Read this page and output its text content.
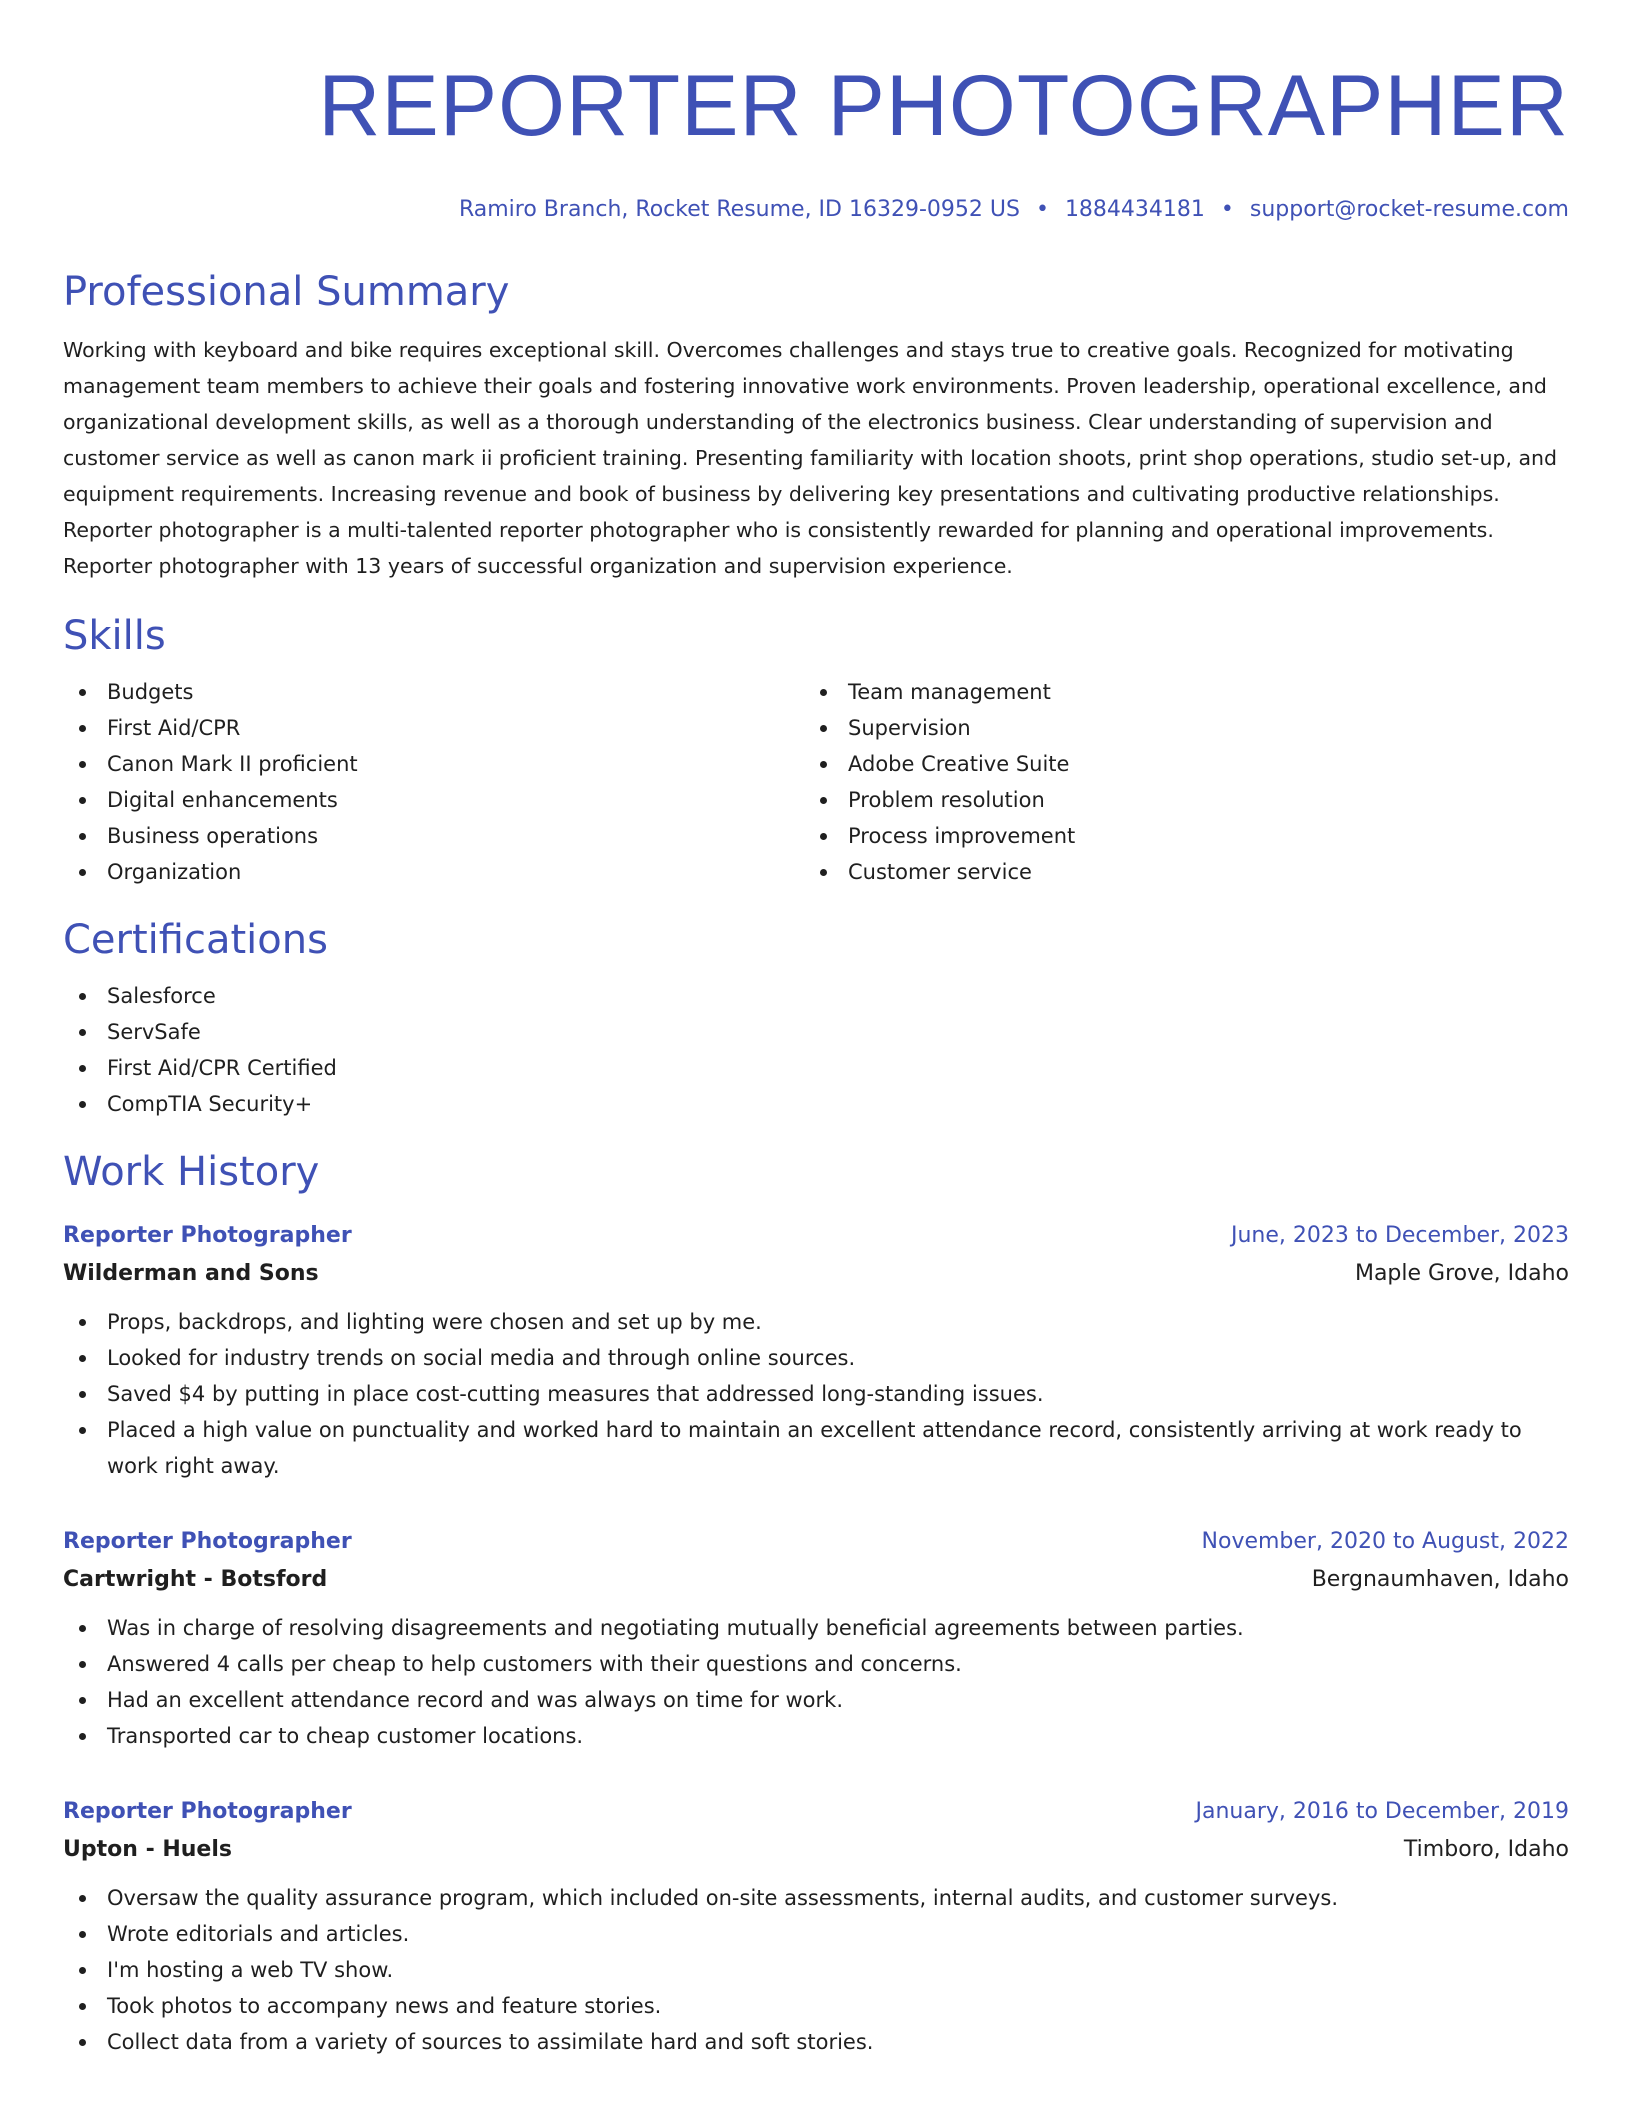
REPORTER PHOTOGRAPHER
Ramiro Branch, Rocket Resume, ID 16329-0952 US • 1884434181 • support@rocket-resume.com
Professional Summary

Working with keyboard and bike requires exceptional skill. Overcomes challenges and stays true to creative goals. Recognized for motivating management team members to achieve their goals and fostering innovative work environments. Proven leadership, operational excellence, and organizational development skills, as well as a thorough understanding of the electronics business. Clear understanding of supervision and customer service as well as canon mark ii proficient training. Presenting familiarity with location shoots, print shop operations, studio set-up, and equipment requirements. Increasing revenue and book of business by delivering key presentations and cultivating productive relationships. Reporter photographer is a multi-talented reporter photographer who is consistently rewarded for planning and operational improvements. Reporter photographer with 13 years of successful organization and supervision experience.

Skills
Budgets
First Aid/CPR
Canon Mark II proficient
Digital enhancements
Business operations
Organization
Team management
Supervision
Adobe Creative Suite
Problem resolution
Process improvement
Customer service
Certifications
Salesforce
ServSafe
First Aid/CPR Certified
CompTIA Security+
Work History
Reporter Photographer	June, 2023 to December, 2023
Wilderman and Sons	Maple Grove, Idaho
Props, backdrops, and lighting were chosen and set up by me.
Looked for industry trends on social media and through online sources.
Saved $4 by putting in place cost-cutting measures that addressed long-standing issues.
Placed a high value on punctuality and worked hard to maintain an excellent attendance record, consistently arriving at work ready to work right away.
Reporter Photographer	November, 2020 to August, 2022
Cartwright - Botsford	Bergnaumhaven, Idaho
Was in charge of resolving disagreements and negotiating mutually beneficial agreements between parties.
Answered 4 calls per cheap to help customers with their questions and concerns.
Had an excellent attendance record and was always on time for work.
Transported car to cheap customer locations.
Reporter Photographer	January, 2016 to December, 2019
Upton - Huels	Timboro, Idaho
Oversaw the quality assurance program, which included on-site assessments, internal audits, and customer surveys.
Wrote editorials and articles.
I'm hosting a web TV show.
Took photos to accompany news and feature stories.
Collect data from a variety of sources to assimilate hard and soft stories.
